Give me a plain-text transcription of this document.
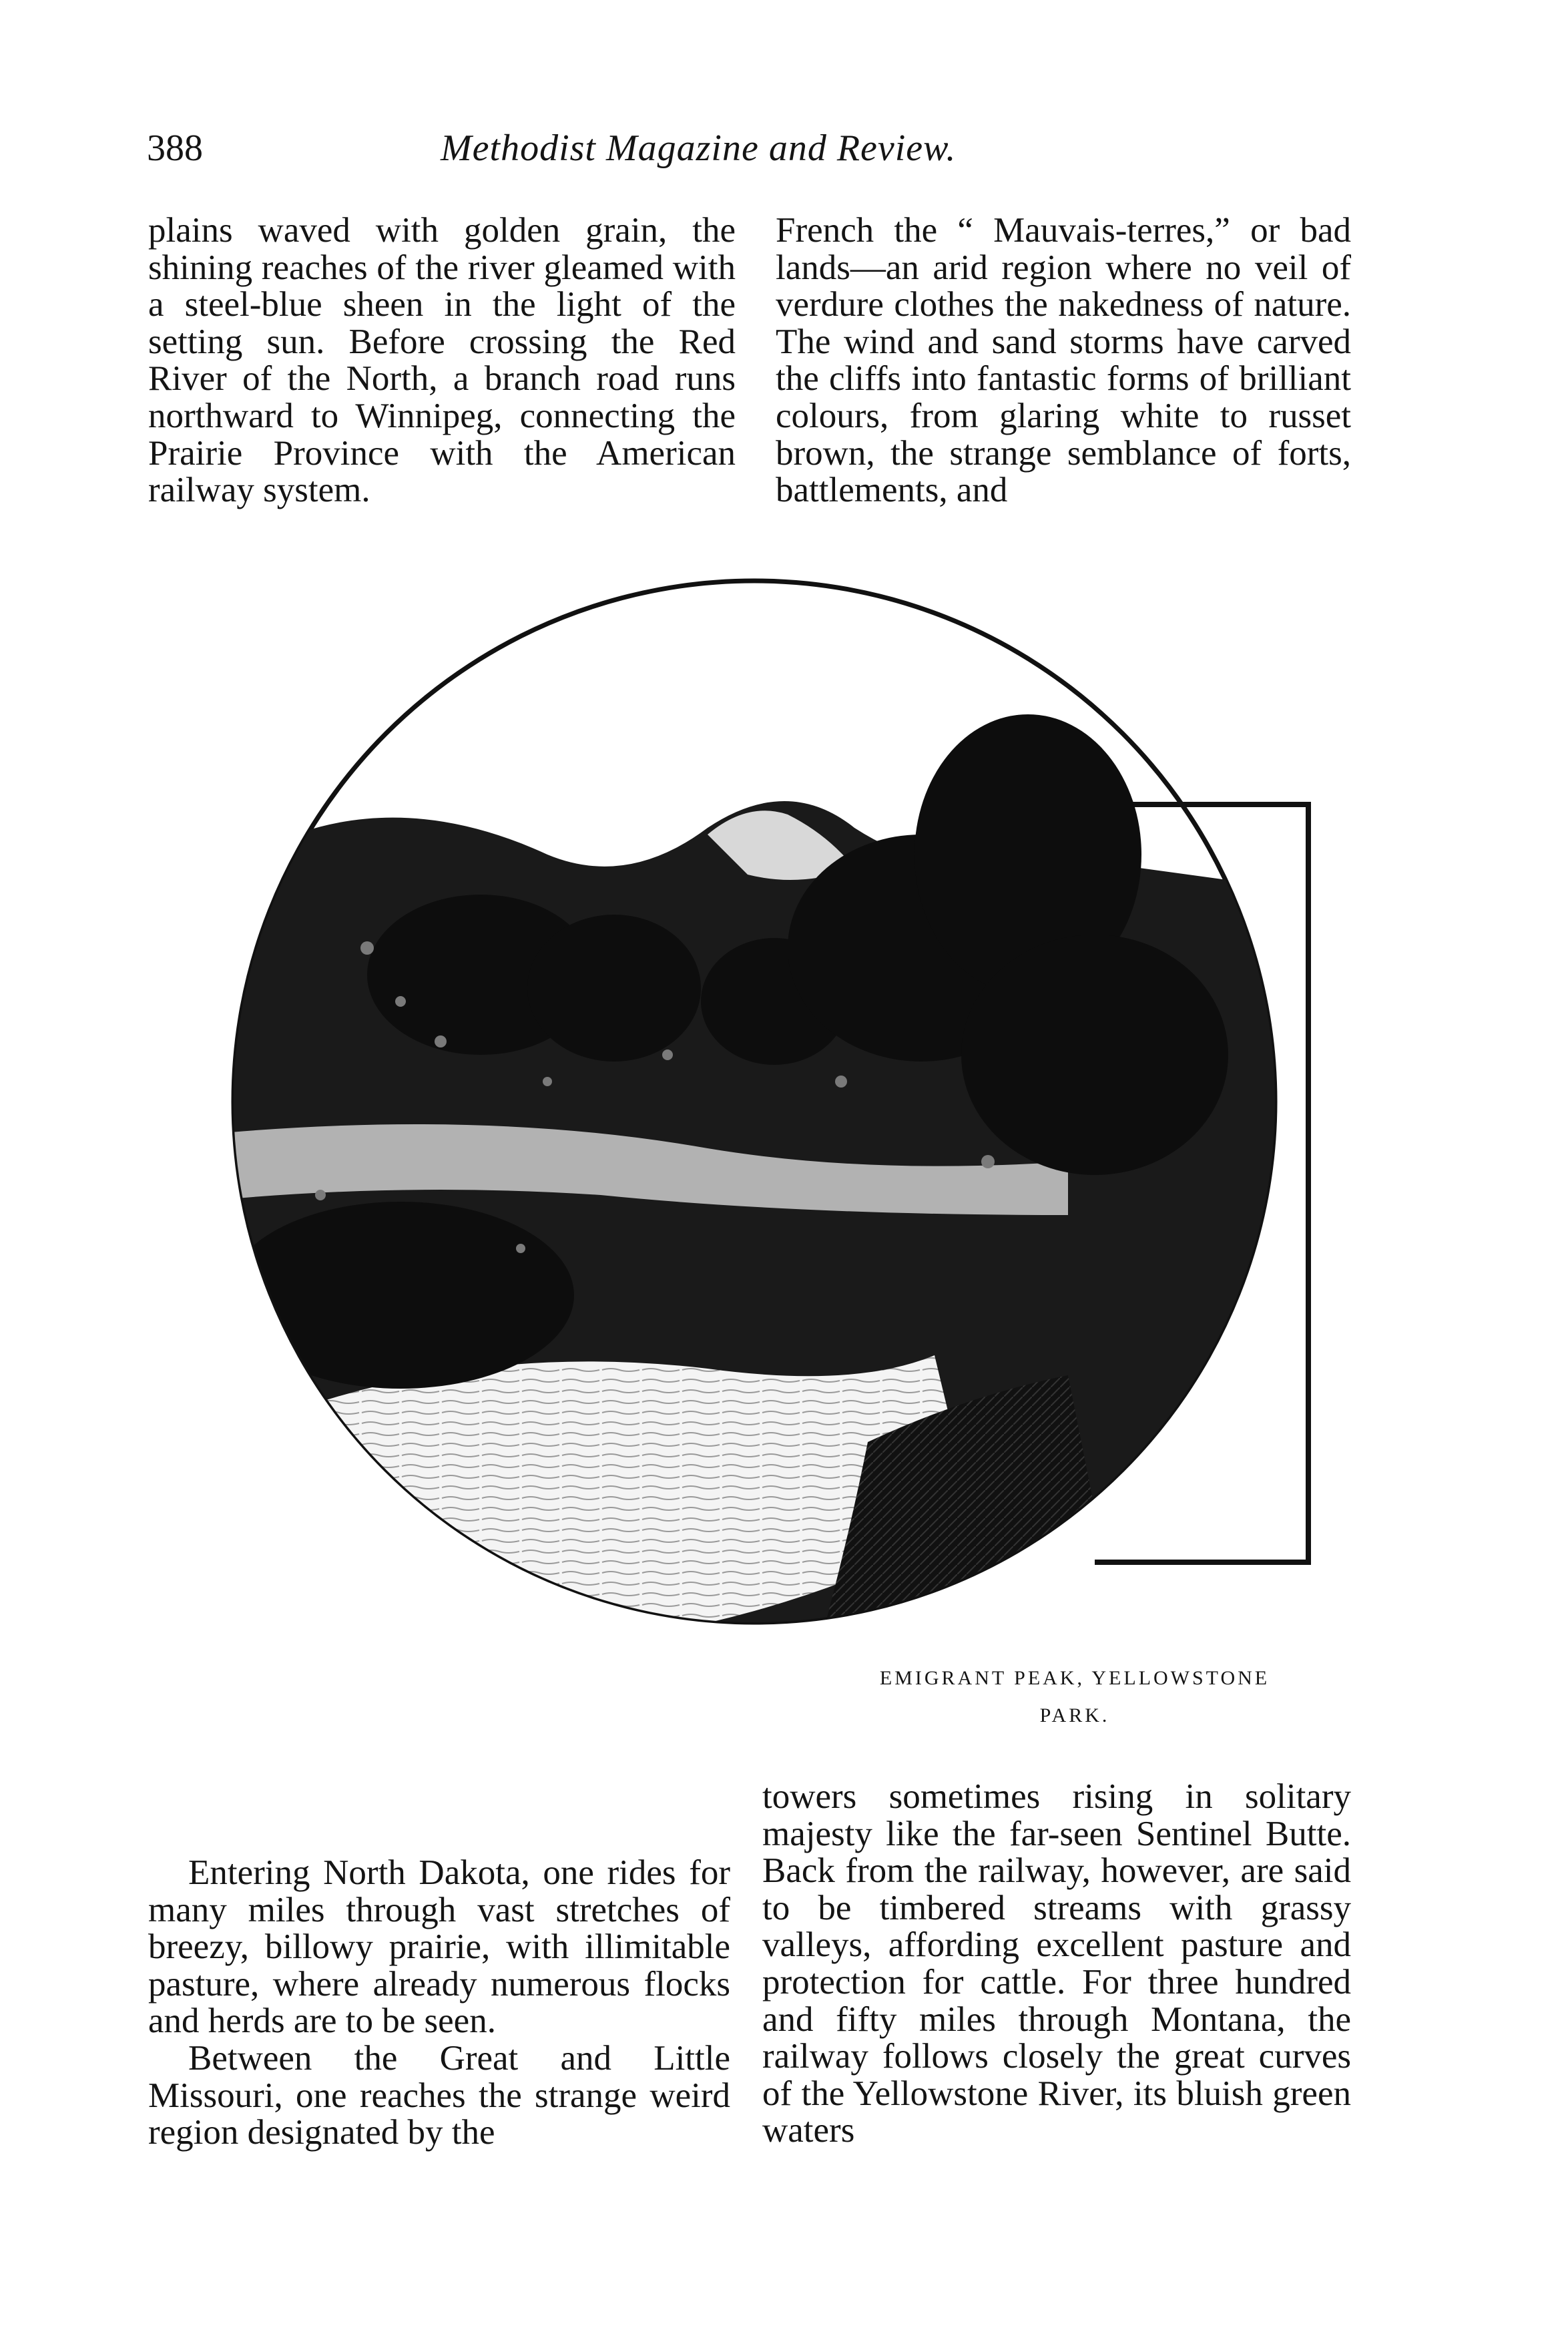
388	Methodist Magazine and Review.

plains waved with golden grain, the shining reaches of the river gleamed with a steel-blue sheen in the light of the setting sun. Before crossing the Red River of the North, a branch road runs northward to Winnipeg, connecting the Prairie Province with the American railway system.

French the “ Mauvais-terres,” or bad lands—an arid region where no veil of verdure clothes the nakedness of nature. The wind and sand storms have carved the cliffs into fantastic forms of brilliant colours, from glaring white to russet brown, the strange semblance of forts, battlements, and

EMIGRANT PEAK, YELLOWSTONE
PARK.

Entering North Dakota, one rides for many miles through vast stretches of breezy, billowy prairie, with illimitable pasture, where already numerous flocks and herds are to be seen.

Between the Great and Little Missouri, one reaches the strange weird region designated by the

towers sometimes rising in solitary majesty like the far-seen Sentinel Butte. Back from the railway, however, are said to be timbered streams with grassy valleys, affording excellent pasture and protection for cattle. For three hundred and fifty miles through Montana, the railway follows closely the great curves of the Yellowstone River, its bluish green waters
